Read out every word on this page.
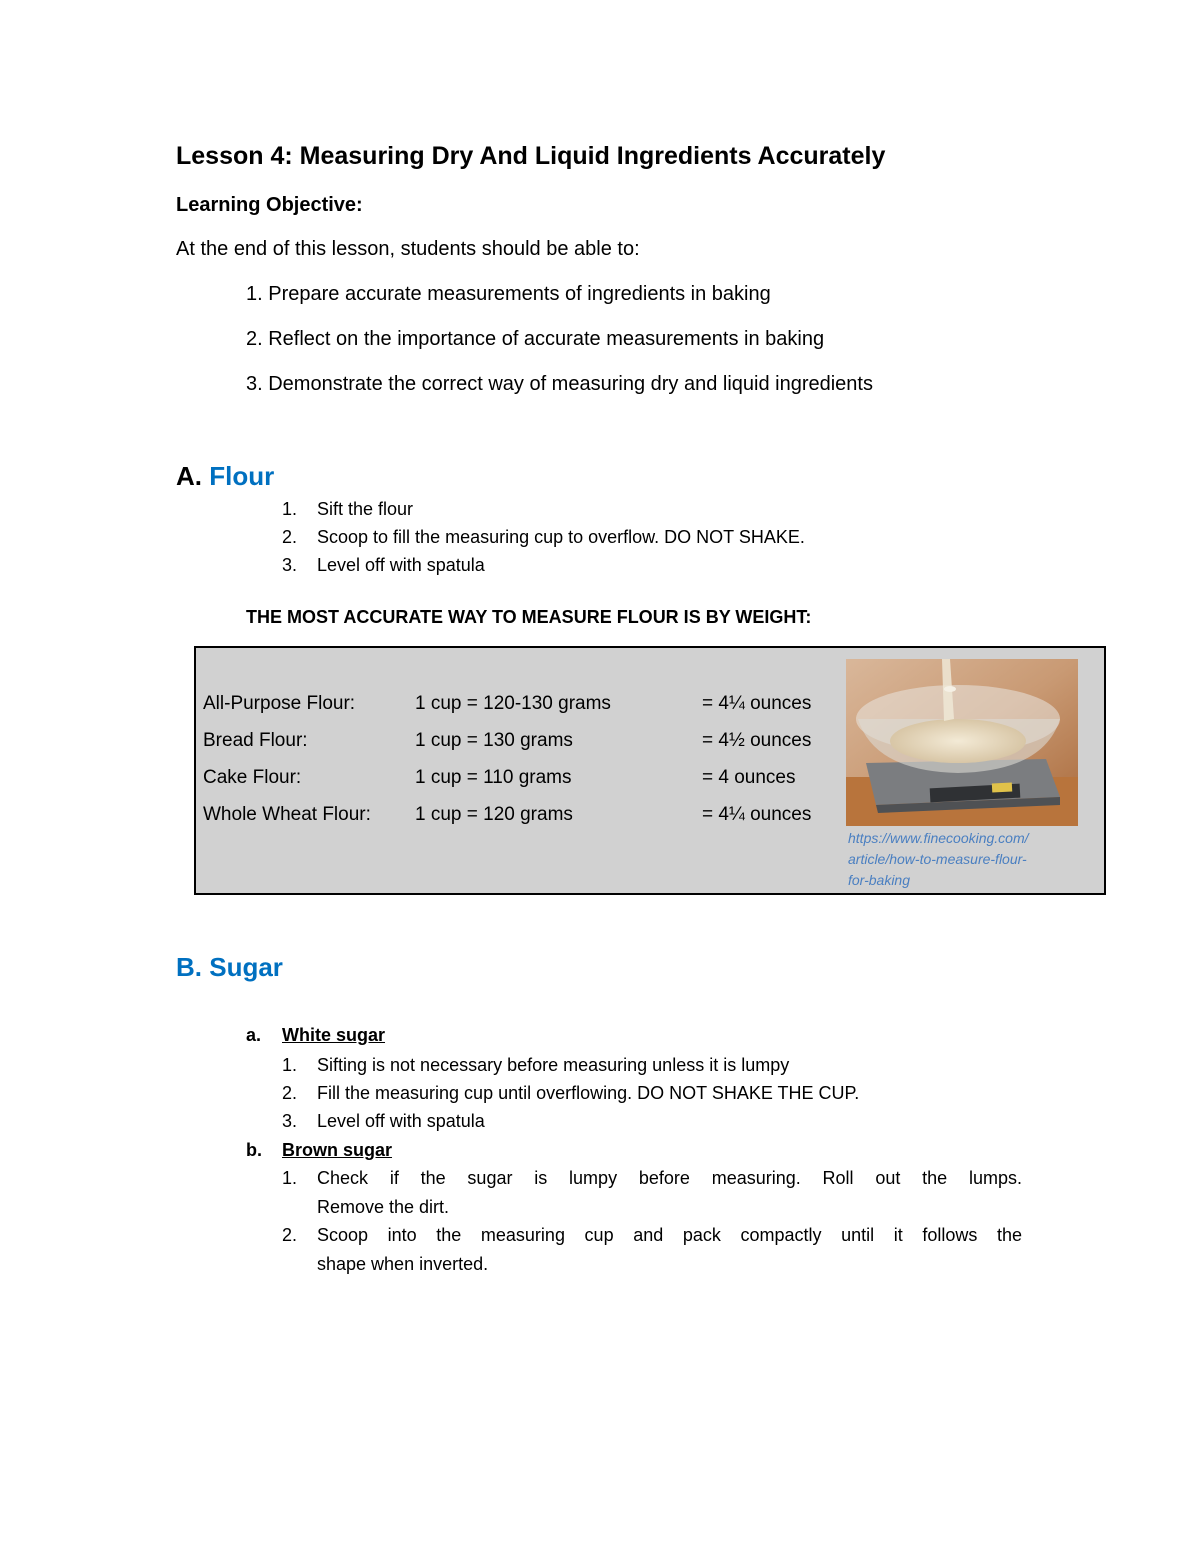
Lesson 4: Measuring Dry And Liquid Ingredients Accurately
Learning Objective:
At the end of this lesson, students should be able to:
1. Prepare accurate measurements of ingredients in baking
2. Reflect on the importance of accurate measurements in baking
3. Demonstrate the correct way of measuring dry and liquid ingredients
A. Flour
1. Sift the flour
2. Scoop to fill the measuring cup to overflow. DO NOT SHAKE.
3. Level off with spatula
THE MOST ACCURATE WAY TO MEASURE FLOUR IS BY WEIGHT:
All-Purpose Flour:	1 cup = 120-130 grams	= 4¼ ounces
Bread Flour:	1 cup = 130 grams	= 4½ ounces
Cake Flour:	1 cup = 110 grams	= 4 ounces
Whole Wheat Flour: 1 cup = 120 grams	= 4¼ ounces
https://www.finecooking.com/
article/how-to-measure-flour-
for-baking
B. Sugar
a. White sugar
1. Sifting is not necessary before measuring unless it is lumpy
2. Fill the measuring cup until overflowing. DO NOT SHAKE THE CUP.
3. Level off with spatula
b. Brown sugar
1. Check if the sugar is lumpy before measuring. Roll out the lumps.
Remove the dirt.
2. Scoop into the measuring cup and pack compactly until it follows the
shape when inverted.
